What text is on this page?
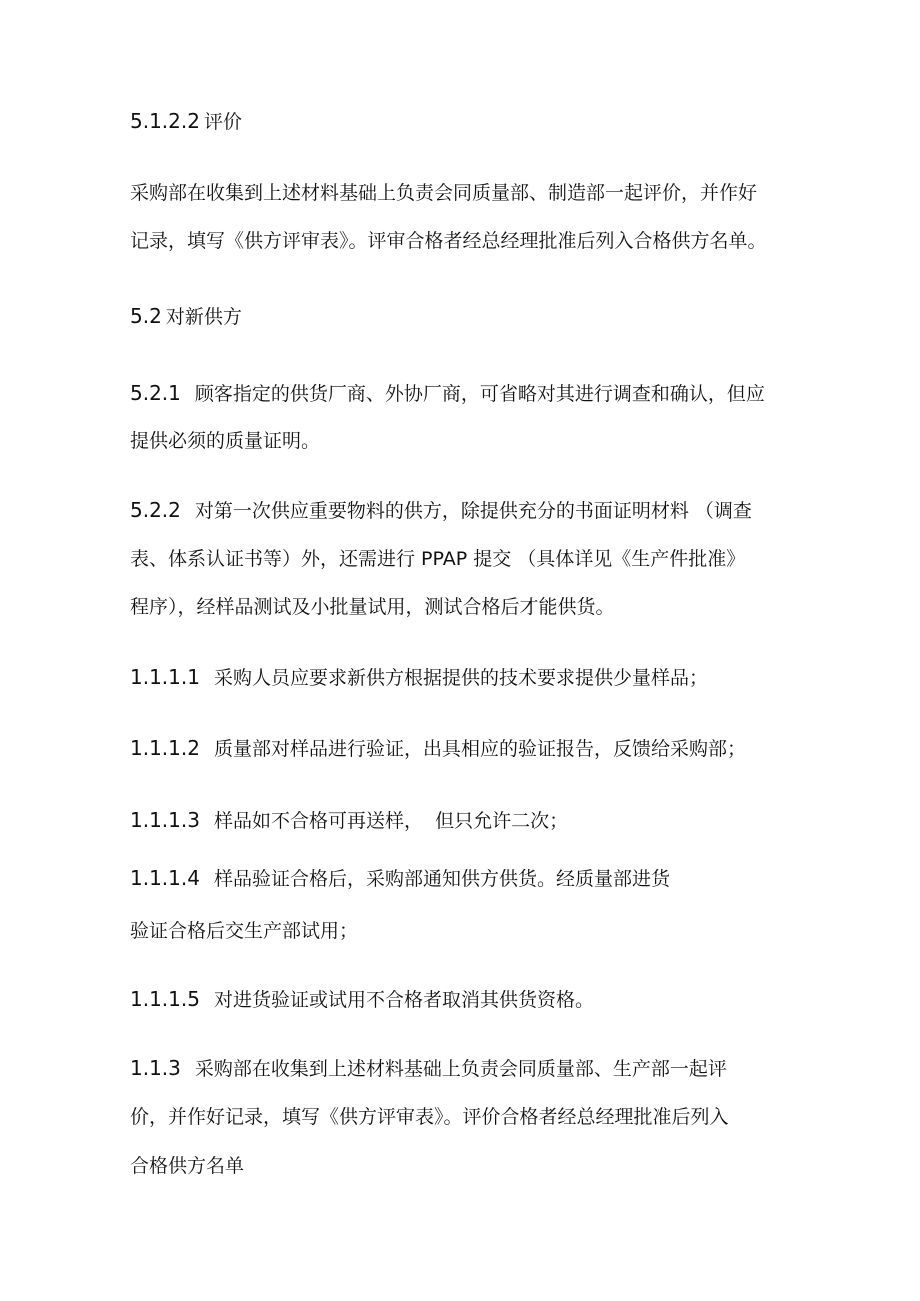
5.1.2.2 评价
采购部在收集到上述材料基础上负责会同质量部、制造部一起评价，并作好
记录，填写《供方评审表》。评审合格者经总经理批准后列入合格供方名单。
5.2 对新供方
5.2.1 顾客指定的供货厂商、外协厂商，可省略对其进行调查和确认，但应
提供必须的质量证明。
5.2.2 对第一次供应重要物料的供方，除提供充分的书面证明材料 （调查
表、体系认证书等）外，还需进行 PPAP 提交 （具体详见《生产件批准》
程序），经样品测试及小批量试用，测试合格后才能供货。
1.1.1.1 采购人员应要求新供方根据提供的技术要求提供少量样品；
1.1.1.2 质量部对样品进行验证，出具相应的验证报告，反馈给采购部；
1.1.1.3 样品如不合格可再送样，  但只允许二次；
1.1.1.4 样品验证合格后，采购部通知供方供货。经质量部进货
验证合格后交生产部试用；
1.1.1.5 对进货验证或试用不合格者取消其供货资格。
1.1.3 采购部在收集到上述材料基础上负责会同质量部、生产部一起评
价，并作好记录，填写《供方评审表》。评价合格者经总经理批准后列入
合格供方名单
